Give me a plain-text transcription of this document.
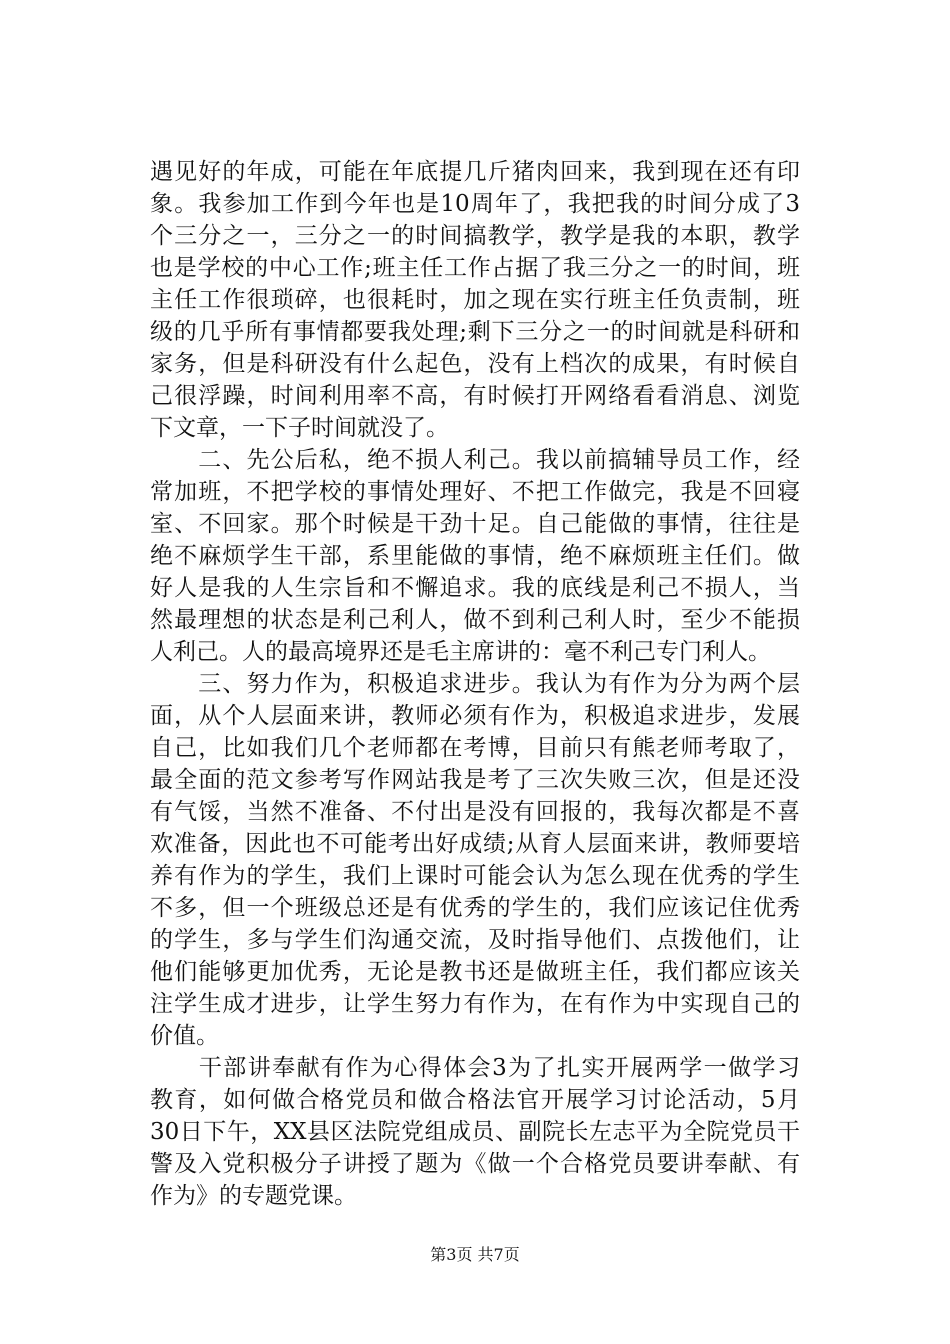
遇见好的年成，可能在年底提几斤猪肉回来，我到现在还有印
象。我参加工作到今年也是10周年了，我把我的时间分成了3
个三分之一，三分之一的时间搞教学，教学是我的本职，教学
也是学校的中心工作;班主任工作占据了我三分之一的时间，班
主任工作很琐碎，也很耗时，加之现在实行班主任负责制，班
级的几乎所有事情都要我处理;剩下三分之一的时间就是科研和
家务，但是科研没有什么起色，没有上档次的成果，有时候自
己很浮躁，时间利用率不高，有时候打开网络看看消息、浏览
下文章，一下子时间就没了。
　　二、先公后私，绝不损人利己。我以前搞辅导员工作，经
常加班，不把学校的事情处理好、不把工作做完，我是不回寝
室、不回家。那个时候是干劲十足。自己能做的事情，往往是
绝不麻烦学生干部，系里能做的事情，绝不麻烦班主任们。做
好人是我的人生宗旨和不懈追求。我的底线是利己不损人，当
然最理想的状态是利己利人，做不到利己利人时，至少不能损
人利己。人的最高境界还是毛主席讲的：毫不利己专门利人。
　　三、努力作为，积极追求进步。我认为有作为分为两个层
面，从个人层面来讲，教师必须有作为，积极追求进步，发展
自己，比如我们几个老师都在考博，目前只有熊老师考取了，
最全面的范文参考写作网站我是考了三次失败三次，但是还没
有气馁，当然不准备、不付出是没有回报的，我每次都是不喜
欢准备，因此也不可能考出好成绩;从育人层面来讲，教师要培
养有作为的学生，我们上课时可能会认为怎么现在优秀的学生
不多，但一个班级总还是有优秀的学生的，我们应该记住优秀
的学生，多与学生们沟通交流，及时指导他们、点拨他们，让
他们能够更加优秀，无论是教书还是做班主任，我们都应该关
注学生成才进步，让学生努力有作为，在有作为中实现自己的
价值。
　　干部讲奉献有作为心得体会3为了扎实开展两学一做学习
教育，如何做合格党员和做合格法官开展学习讨论活动，5月
30日下午，XX县区法院党组成员、副院长左志平为全院党员干
警及入党积极分子讲授了题为《做一个合格党员要讲奉献、有
作为》的专题党课。
第3页 共7页
